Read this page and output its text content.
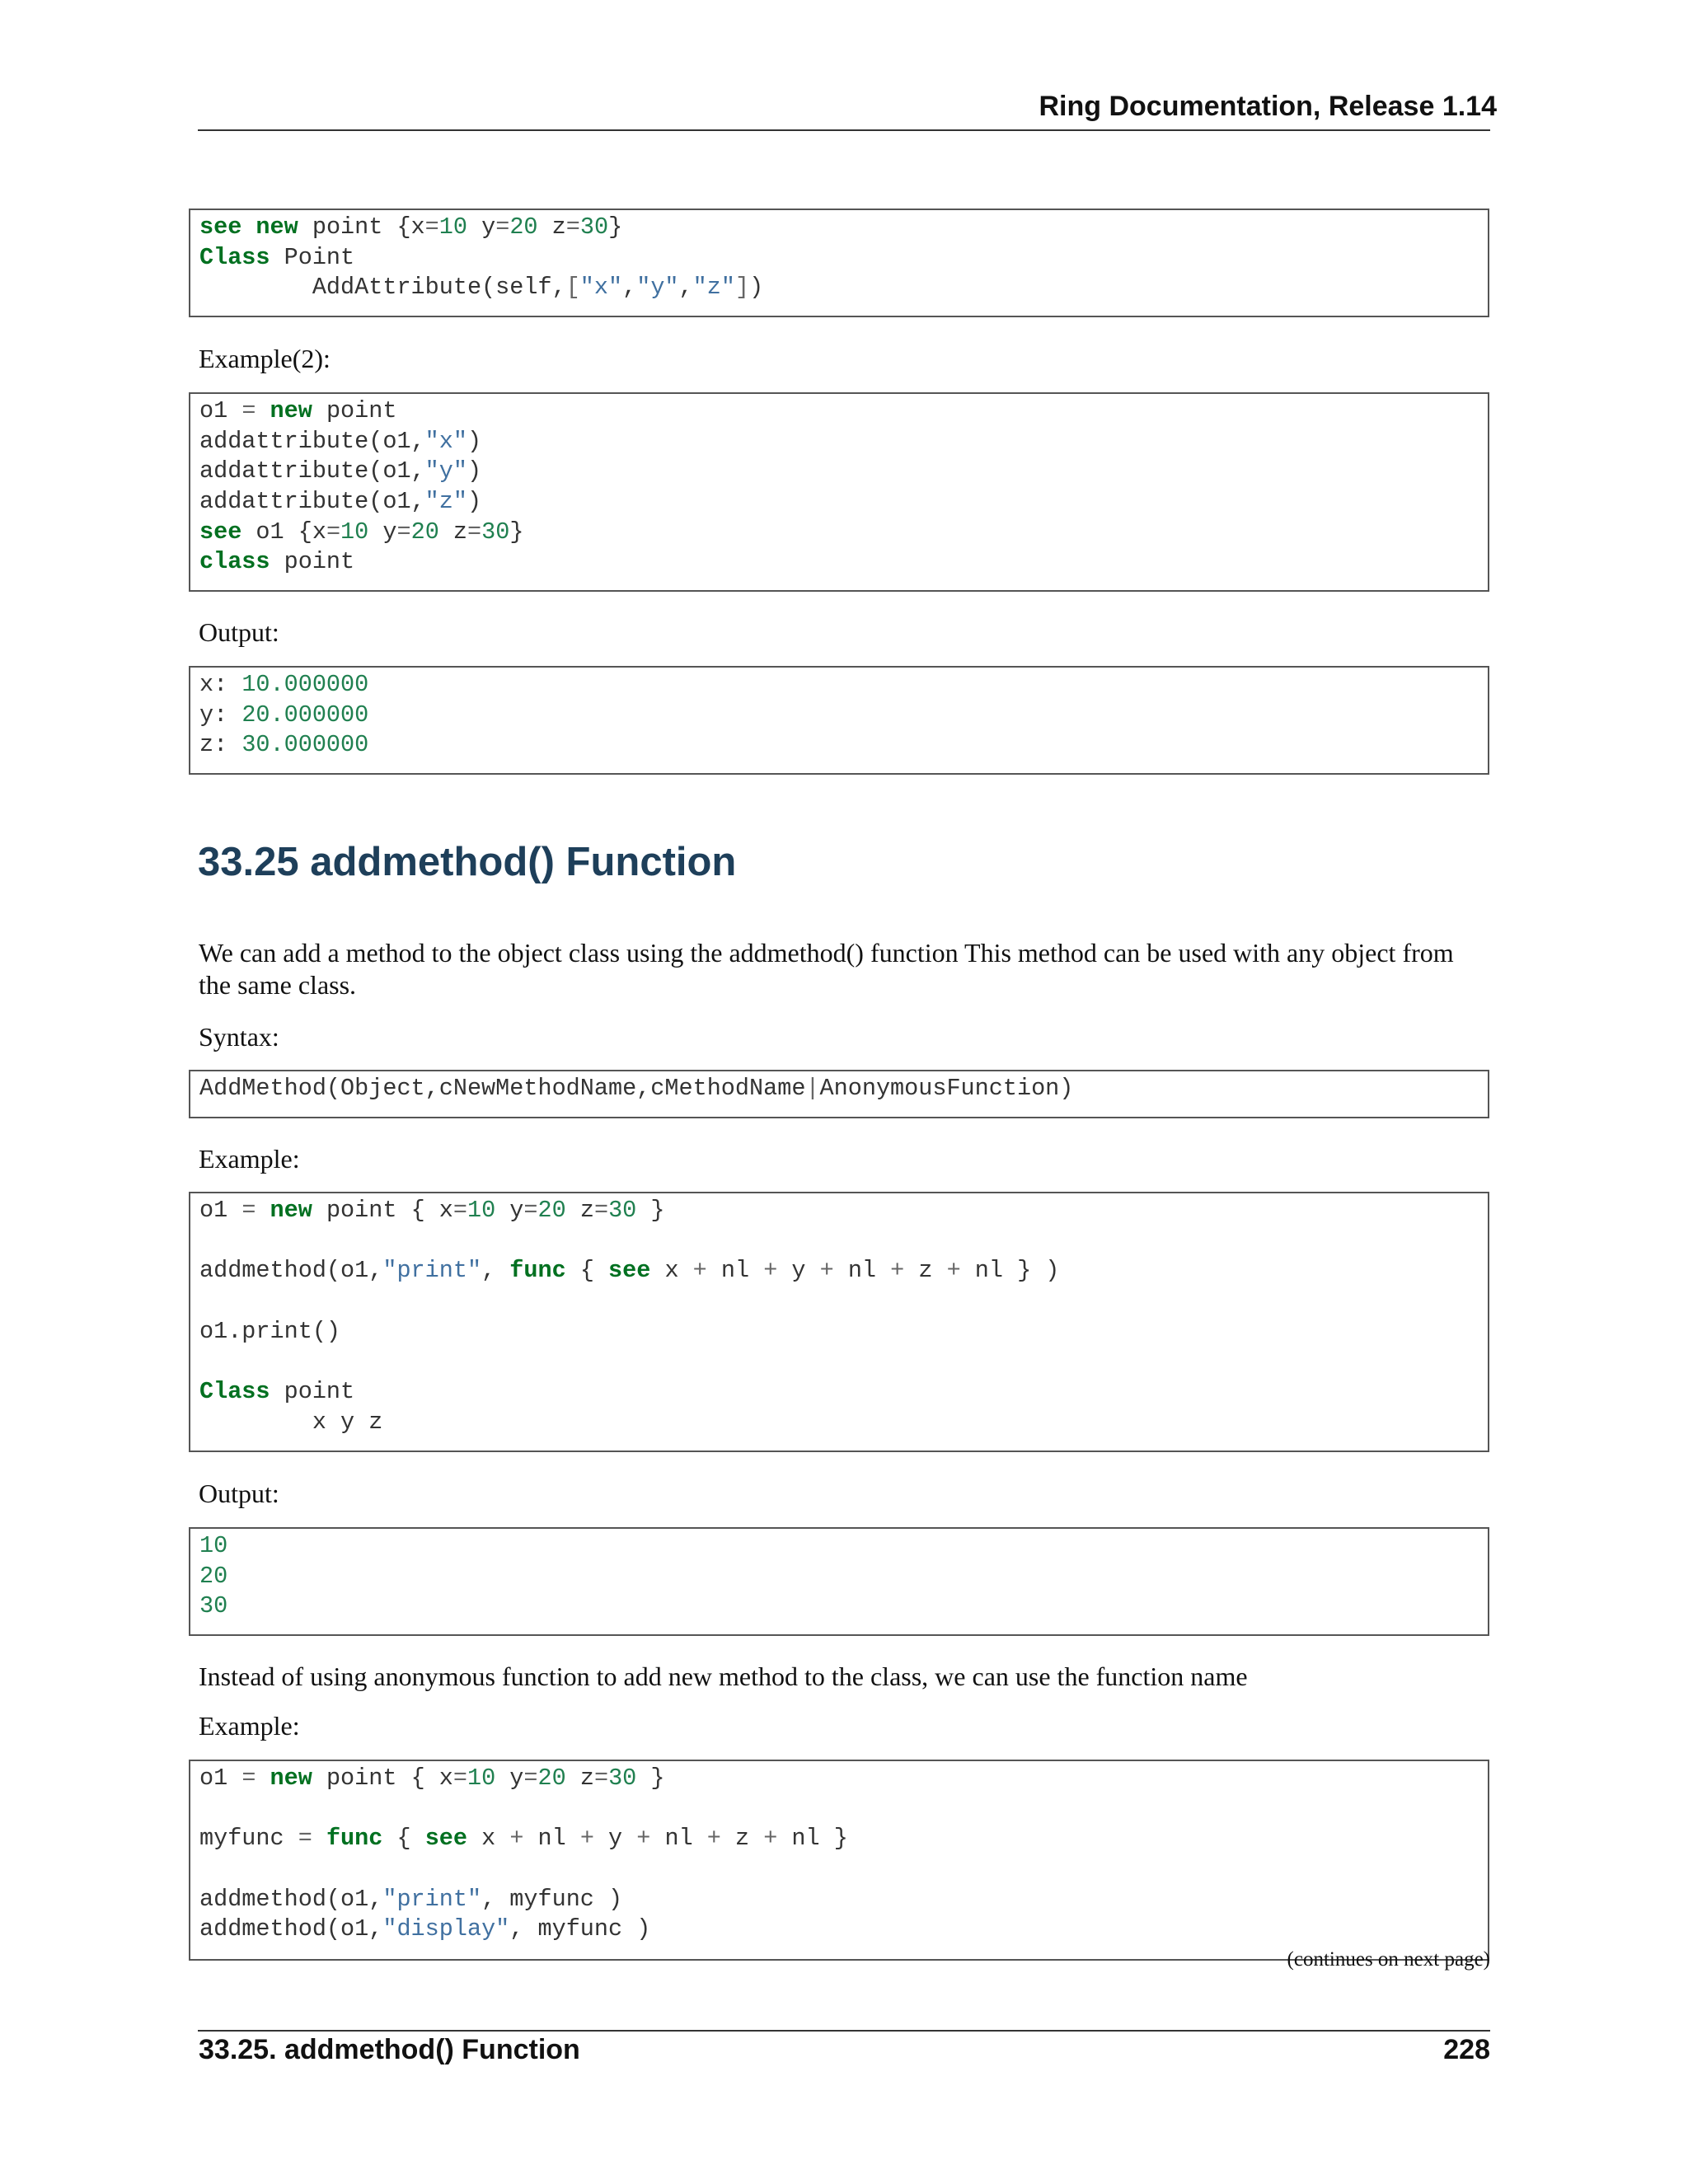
Ring Documentation, Release 1.14
see new point {x=10 y=20 z=30}
Class Point
AddAttribute(self,["x","y","z"])
Example(2):
o1 = new point
addattribute(o1,"x")
addattribute(o1,"y")
addattribute(o1,"z")
see o1 {x=10 y=20 z=30}
class point
Output:
x: 10.000000
y: 20.000000
z: 30.000000
33.25 addmethod() Function
We can add a method to the object class using the addmethod() function This method can be used with any object from the same class.
Syntax:
AddMethod(Object,cNewMethodName,cMethodName|AnonymousFunction)
Example:
o1 = new point { x=10 y=20 z=30 }
addmethod(o1,"print", func { see x + nl + y + nl + z + nl } )
o1.print()
Class point
x y z
Output:
10
20
30
Instead of using anonymous function to add new method to the class, we can use the function name
Example:
o1 = new point { x=10 y=20 z=30 }
myfunc = func { see x + nl + y + nl + z + nl }
addmethod(o1,"print", myfunc )
addmethod(o1,"display", myfunc )
(continues on next page)
33.25. addmethod() Function	228
